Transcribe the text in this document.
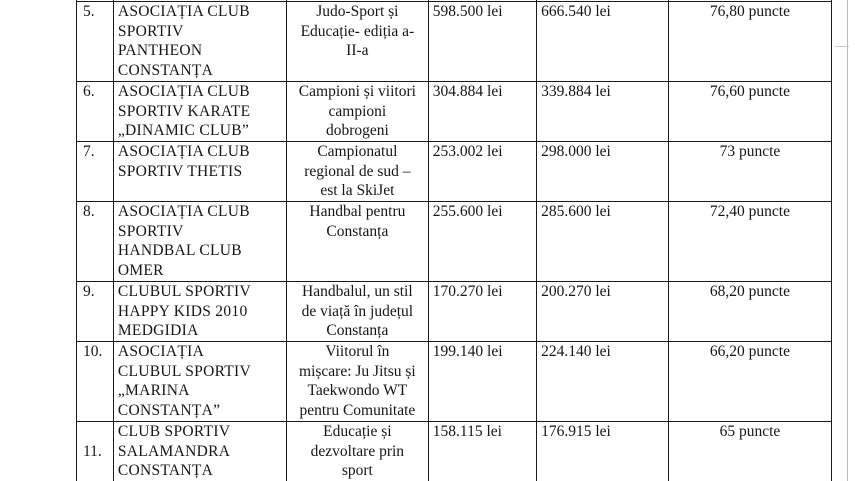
5.	ASOCIAȚIA CLUB
SPORTIV
PANTHEON
CONSTANȚA	Judo-Sport și
Educație- ediția a-
II-a	598.500 lei	666.540 lei	76,80 puncte

6.	ASOCIAȚIA CLUB
SPORTIV KARATE
„DINAMIC CLUB”	Campioni și viitori
campioni
dobrogeni	304.884 lei	339.884 lei	76,60 puncte

7.	ASOCIAȚIA CLUB
SPORTIV THETIS	Campionatul
regional de sud –
est la SkiJet	253.002 lei	298.000 lei	73 puncte

8.	ASOCIAȚIA CLUB
SPORTIV
HANDBAL CLUB
OMER	Handbal pentru
Constanța	255.600 lei	285.600 lei	72,40 puncte

9.	CLUBUL SPORTIV
HAPPY KIDS 2010
MEDGIDIA	Handbalul, un stil
de viață în județul
Constanța	170.270 lei	200.270 lei	68,20 puncte

10.	ASOCIAȚIA
CLUBUL SPORTIV
„MARINA
CONSTANȚA”	Viitorul în
mișcare: Ju Jitsu și
Taekwondo WT
pentru Comunitate	199.140 lei	224.140 lei	66,20 puncte

11.	CLUB SPORTIV
SALAMANDRA
CONSTANȚA	Educație și
dezvoltare prin
sport	158.115 lei	176.915 lei	65 puncte
